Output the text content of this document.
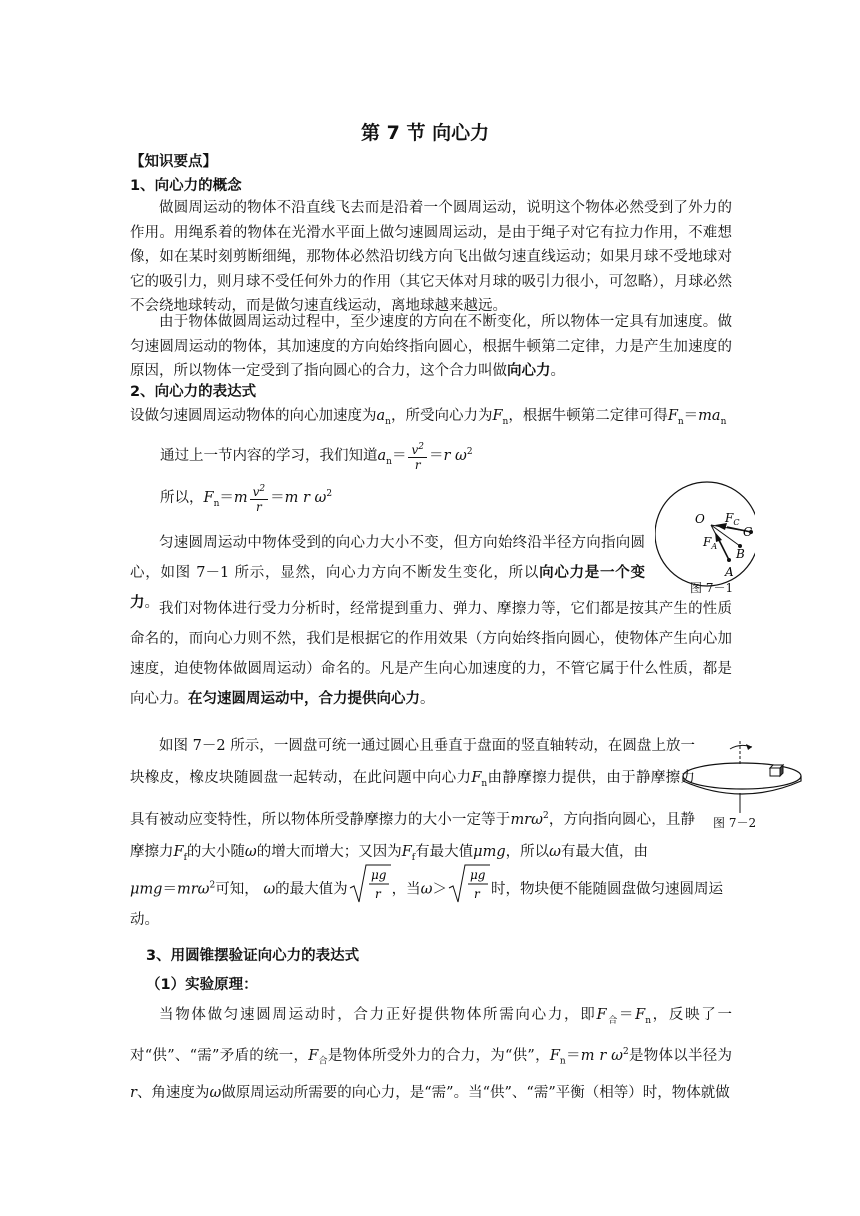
第 7 节 向心力
【知识要点】
1、向心力的概念
做圆周运动的物体不沿直线飞去而是沿着一个圆周运动，说明这个物体必然受到了外力的作用。用绳系着的物体在光滑水平面上做匀速圆周运动，是由于绳子对它有拉力作用，不难想像，如在某时刻剪断细绳，那物体必然沿切线方向飞出做匀速直线运动；如果月球不受地球对它的吸引力，则月球不受任何外力的作用（其它天体对月球的吸引力很小，可忽略），月球必然不会绕地球转动，而是做匀速直线运动，离地球越来越远。
由于物体做圆周运动过程中，至少速度的方向在不断变化，所以物体一定具有加速度。做匀速圆周运动的物体，其加速度的方向始终指向圆心，根据牛顿第二定律，力是产生加速度的原因，所以物体一定受到了指向圆心的合力，这个合力叫做向心力。
2、向心力的表达式
设做匀速圆周运动物体的向心加速度为$a_n$，所受向心力为$F_n$，根据牛顿第二定律可得$F_n=ma_n$
通过上一节内容的学习，我们知道$a_n= \frac{v^2}{r} =r$ $\omega^2$
所以，$F_n=m \frac{v^2}{r} =m$ r $\omega^2$
匀速圆周运动中物体受到的向心力大小不变，但方向始终沿半径方向指向圆心，如图 7－1 所示，显然，向心力方向不断发生变化，所以向心力是一个变力。 我们对物体进行受力分析时，经常提到重力、弹力、摩擦力等，它们都是按其产生的性质命名的，而向心力则不然，我们是根据它的作用效果（方向始终指向圆心，使物体产生向心加速度，迫使物体做圆周运动）命名的。凡是产生向心加速度的力，不管它属于什么性质，都是向心力。在匀速圆周运动中，合力提供向心力。
如图 7－2 所示，一圆盘可统一通过圆心且垂直于盘面的竖直轴转动，在圆盘上放一块橡皮，橡皮块随圆盘一起转动，在此问题中向心力$F_n$由静摩擦力提供，由于静摩擦力具有被动应变特性，所以物体所受静摩擦力的大小一定等于mrω$^2$，方向指向圆心，且静摩擦力$F_f$的大小随ω的增大而增大；又因为$F_f$有最大值μmg，所以ω有最大值，由
μmg＝mrω$^2$可知， ω的最大值为
μg
r ，当ω＞
μg
r 时，物块便不能随圆盘做匀速圆周运
动。
3、用圆锥摆验证向心力的表达式
（1）实验原理：
当物体做匀速圆周运动时，合力正好提供物体所需向心力，即$F_合=F_n$，反映了一对“供”、“需”矛盾的统一，$F_合$是物体所受外力的合力，为“供”，$F_n=m$ r $\omega^2$是物体以半径为r、角速度为ω做原周运动所需要的向心力，是“需”。当“供”、“需”平衡（相等）时，物体就做
O $F_C$
C
$F_A$
B
A
图 7－1
图 7－2
